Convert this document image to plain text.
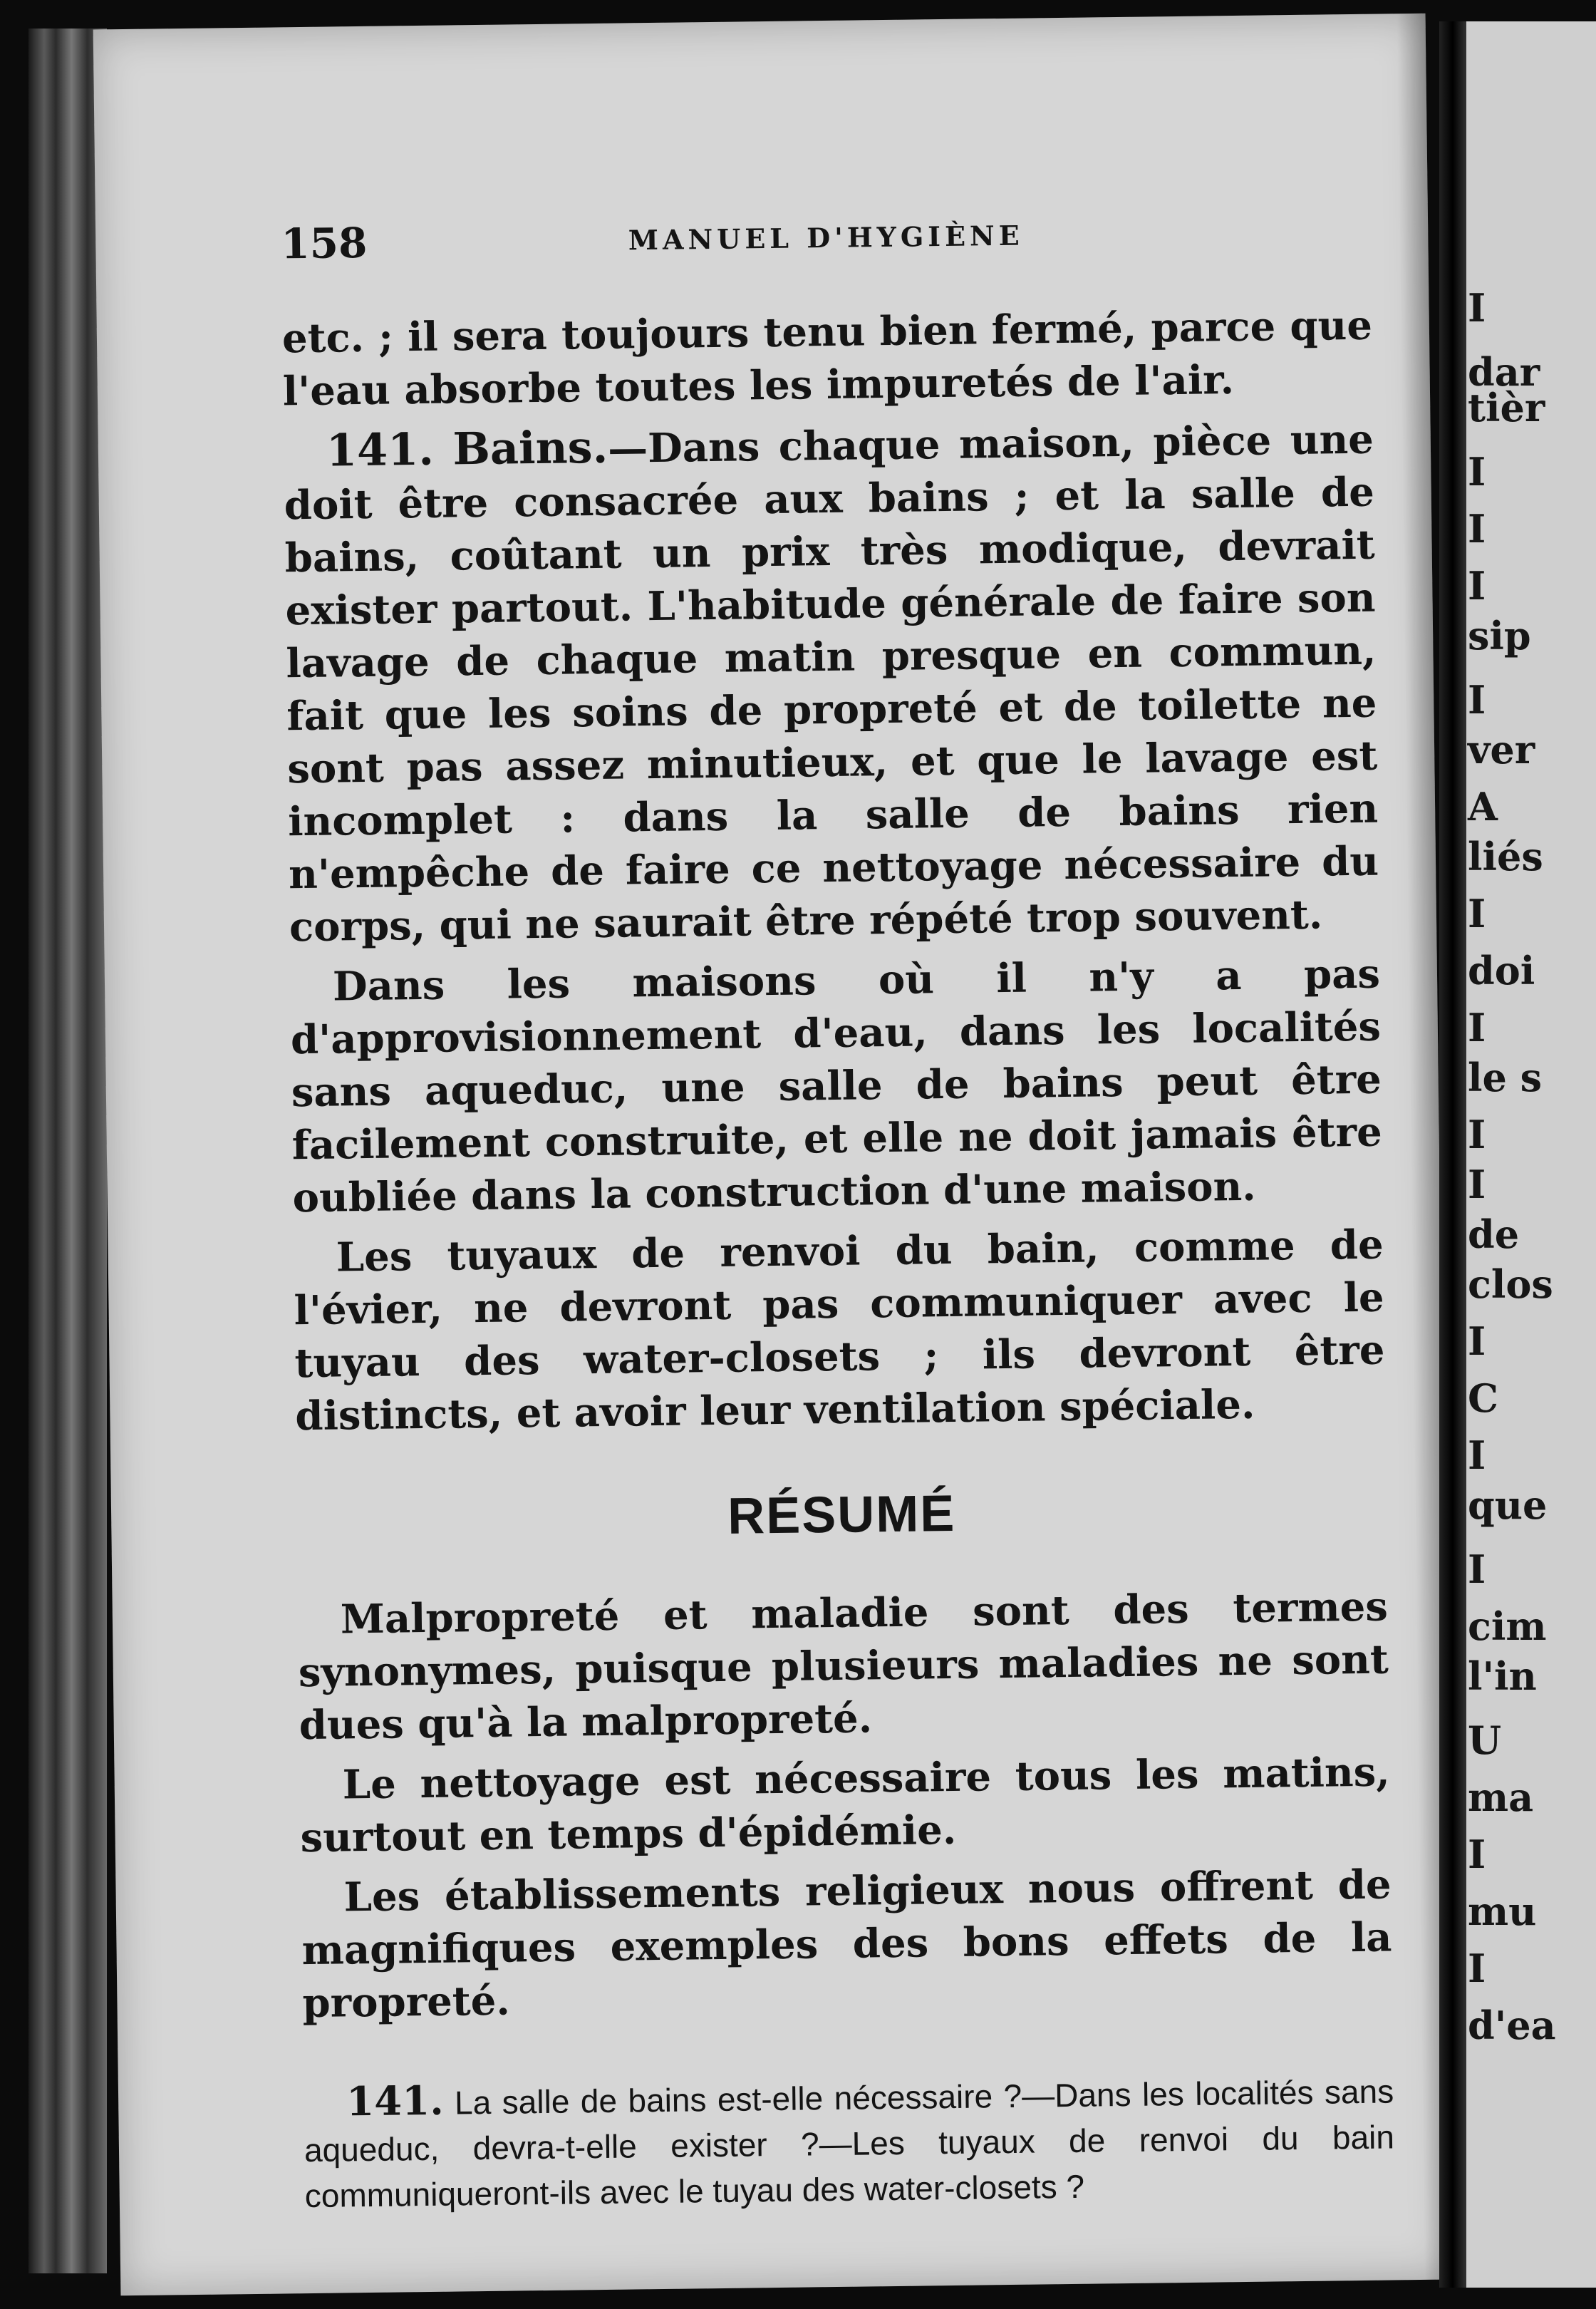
158	MANUEL D'HYGIÈNE

etc. ; il sera toujours tenu bien fermé, parce que l'eau absorbe toutes les impuretés de l'air.

141. Bains.—Dans chaque maison, pièce une doit être consacrée aux bains ; et la salle de bains, coûtant un prix très modique, devrait exister partout. L'habitude générale de faire son lavage de chaque matin presque en commun, fait que les soins de propreté et de toilette ne sont pas assez minutieux, et que le lavage est incomplet : dans la salle de bains rien n'empêche de faire ce nettoyage nécessaire du corps, qui ne saurait être répété trop souvent.

Dans les maisons où il n'y a pas d'approvisionnement d'eau, dans les localités sans aqueduc, une salle de bains peut être facilement construite, et elle ne doit jamais être oubliée dans la construction d'une maison.

Les tuyaux de renvoi du bain, comme de l'évier, ne devront pas communiquer avec le tuyau des water-closets ; ils devront être distincts, et avoir leur ventilation spéciale.

RÉSUMÉ

Malpropreté et maladie sont des termes synonymes, puisque plusieurs maladies ne sont dues qu'à la malpropreté.

Le nettoyage est nécessaire tous les matins, surtout en temps d'épidémie.

Les établissements religieux nous offrent de magnifiques exemples des bons effets de la propreté.

141. La salle de bains est-elle nécessaire ?—Dans les localités sans aqueduc, devra-t-elle exister ?—Les tuyaux de renvoi du bain communiqueront-ils avec le tuyau des water-closets ?

I
dar
tièr
I
I
I
sip
I
ver
A
liés
I
doi
I
le s
I
I
de
clos
I
C
I
que
I
cim
l'in
U
ma
I
mu
I
d'ea
